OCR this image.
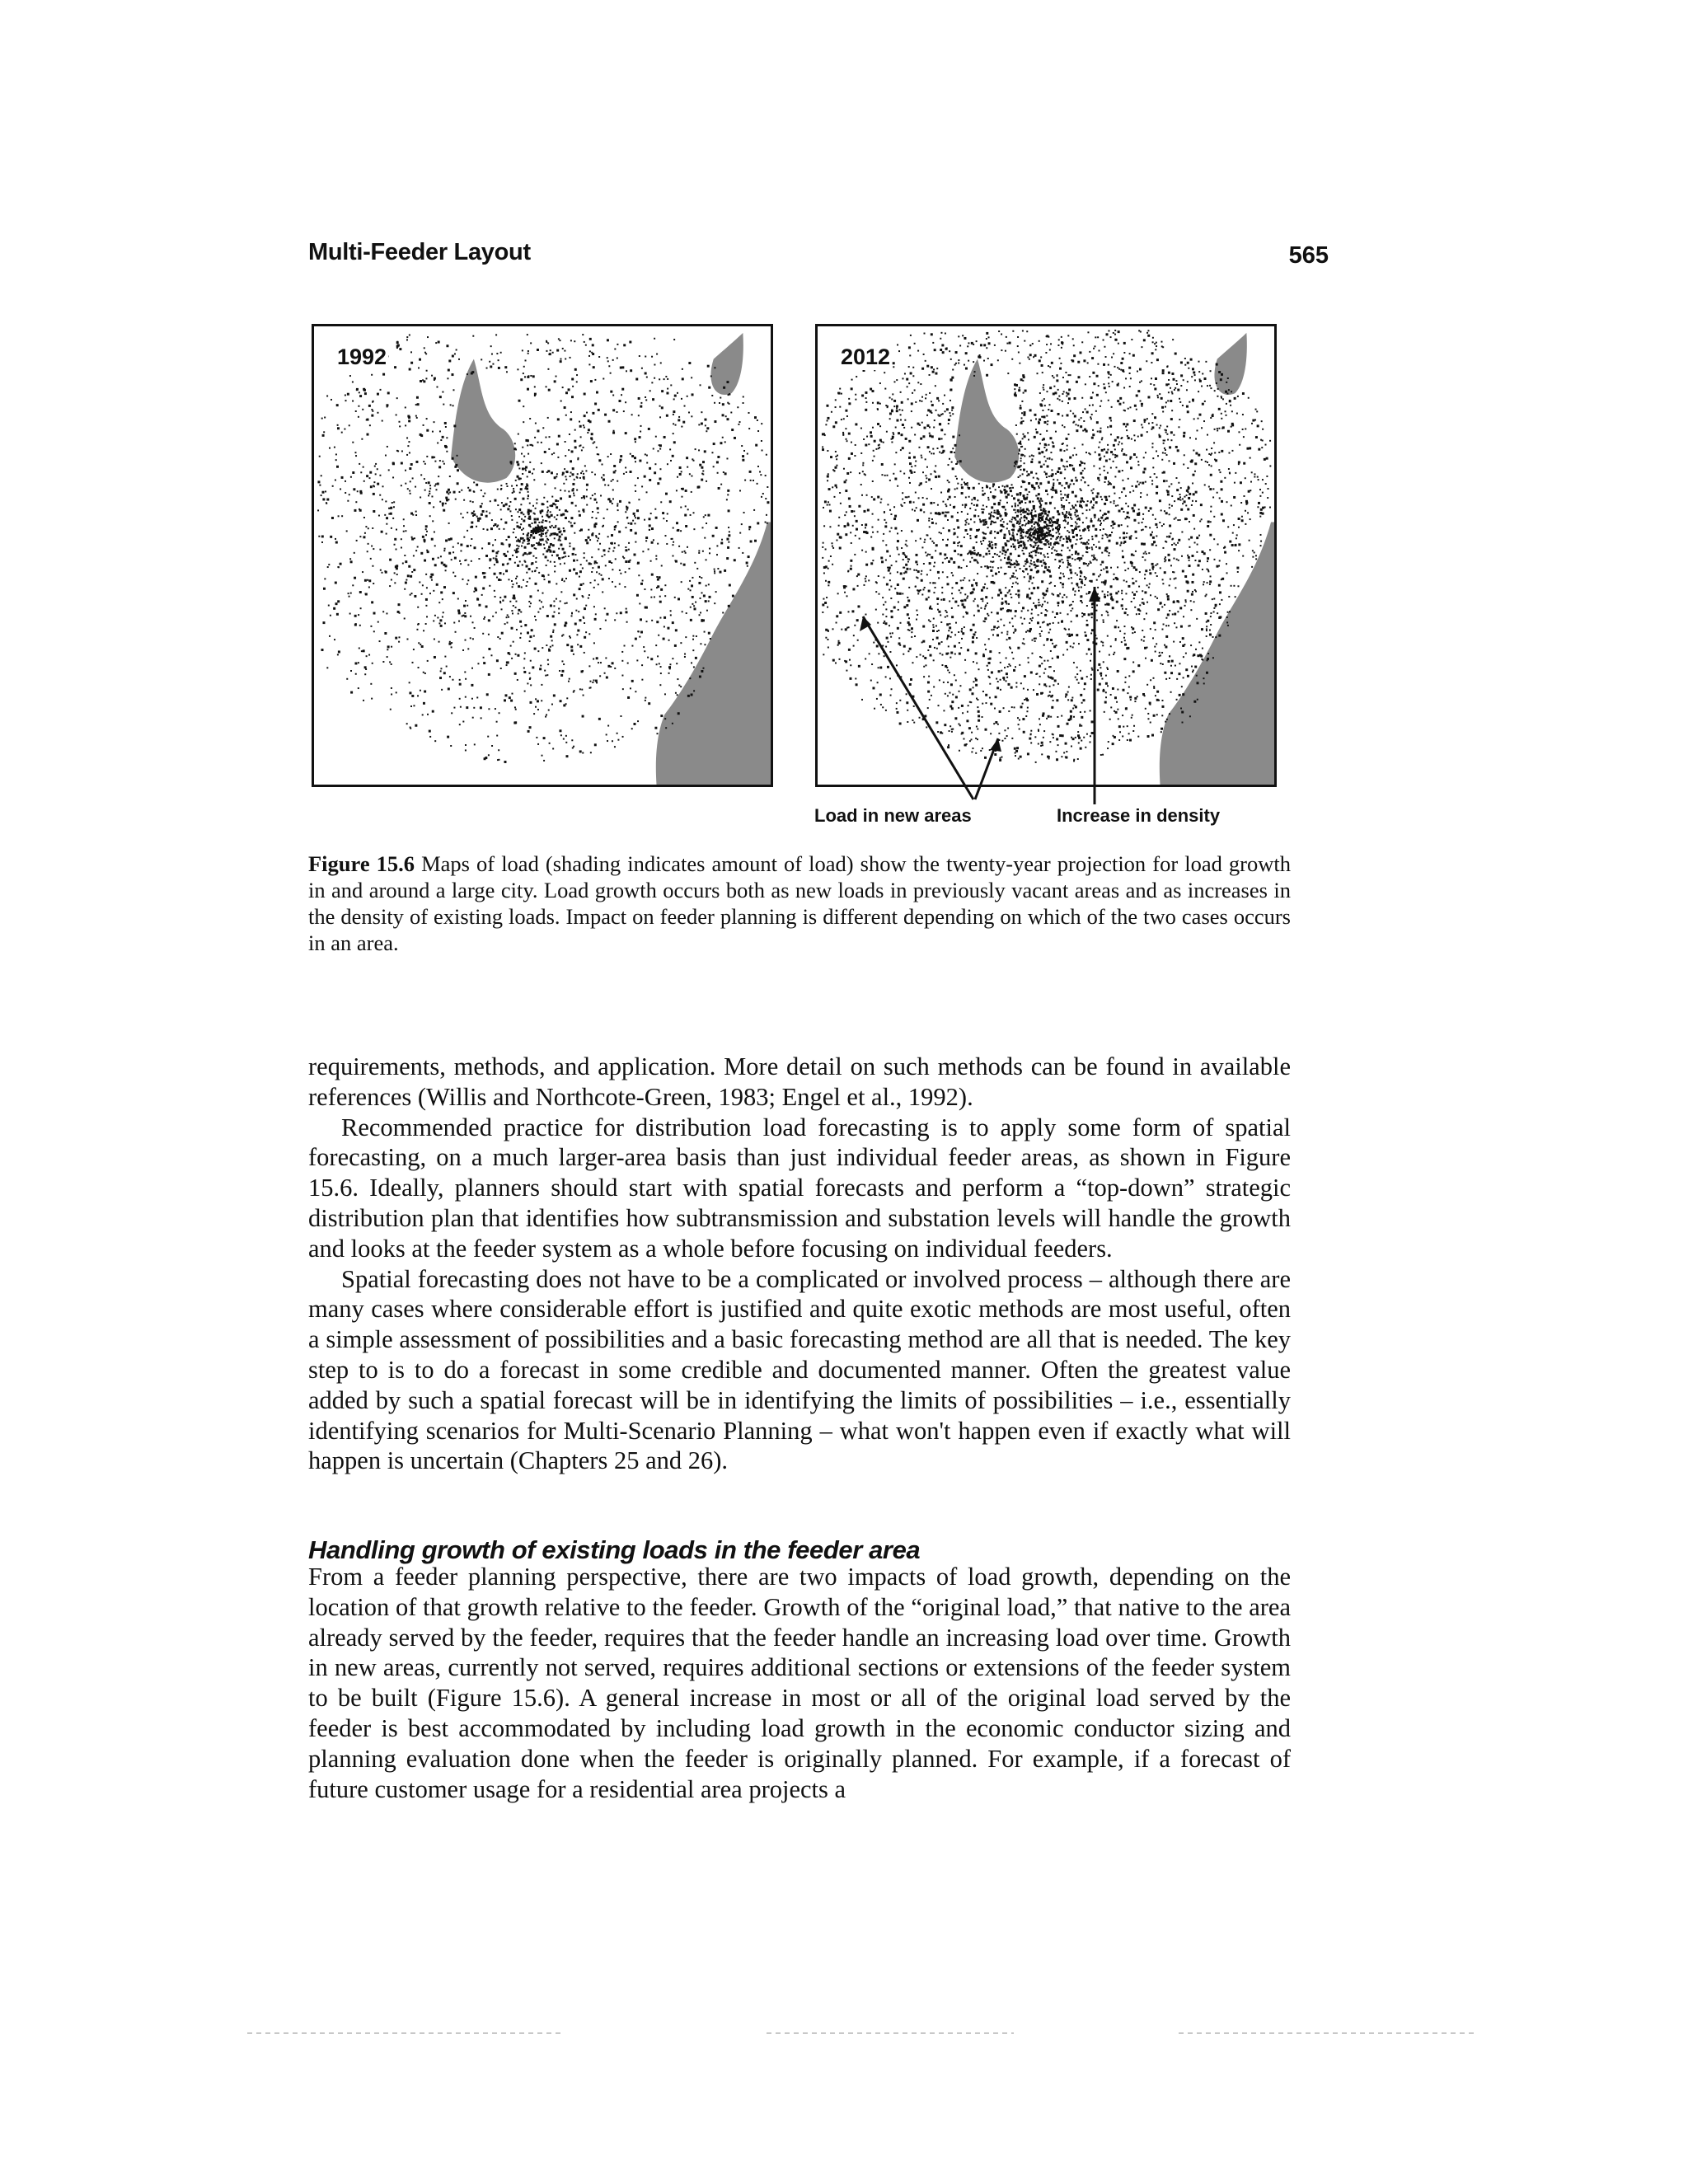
Multi-Feeder Layout	565
1992	2012
Load in new areas	Increase in density
Figure 15.6 Maps of load (shading indicates amount of load) show the twenty-year projection for load growth in and around a large city. Load growth occurs both as new loads in previously vacant areas and as increases in the density of existing loads. Impact on feeder planning is different depending on which of the two cases occurs in an area.

requirements, methods, and application. More detail on such methods can be found in available references (Willis and Northcote-Green, 1983; Engel et al., 1992).

Recommended practice for distribution load forecasting is to apply some form of spatial forecasting, on a much larger-area basis than just individual feeder areas, as shown in Figure 15.6. Ideally, planners should start with spatial forecasts and perform a “top-down” strategic distribution plan that identifies how subtransmission and substation levels will handle the growth and looks at the feeder system as a whole before focusing on individual feeders.

Spatial forecasting does not have to be a complicated or involved process – although there are many cases where considerable effort is justified and quite exotic methods are most useful, often a simple assessment of possibilities and a basic forecasting method are all that is needed. The key step to is to do a forecast in some credible and documented manner. Often the greatest value added by such a spatial forecast will be in identifying the limits of possibilities – i.e., essentially identifying scenarios for Multi-Scenario Planning – what won't happen even if exactly what will happen is uncertain (Chapters 25 and 26).

Handling growth of existing loads in the feeder area

From a feeder planning perspective, there are two impacts of load growth, depending on the location of that growth relative to the feeder. Growth of the “original load,” that native to the area already served by the feeder, requires that the feeder handle an increasing load over time. Growth in new areas, currently not served, requires additional sections or extensions of the feeder system to be built (Figure 15.6). A general increase in most or all of the original load served by the feeder is best accommodated by including load growth in the economic conductor sizing and planning evaluation done when the feeder is originally planned. For example, if a forecast of future customer usage for a residential area projects a
